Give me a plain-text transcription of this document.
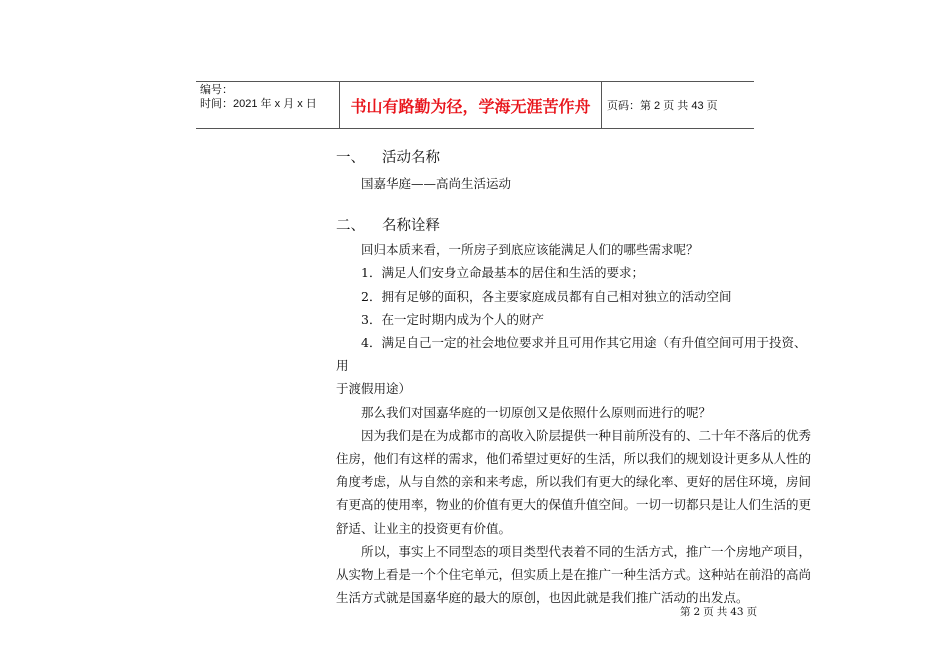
编号：
时间：2021 年 x 月 x 日	书山有路勤为径，学海无涯苦作舟 页码：第 2 页 共 43 页
一、 活动名称

国嘉华庭——高尚生活运动

二、 名称诠释

回归本质来看，一所房子到底应该能满足人们的哪些需求呢？

1．满足人们安身立命最基本的居住和生活的要求；

2．拥有足够的面积，各主要家庭成员都有自己相对独立的活动空间

3．在一定时期内成为个人的财产

4．满足自己一定的社会地位要求并且可用作其它用途（有升值空间可用于投资、用

于渡假用途）

那么我们对国嘉华庭的一切原创又是依照什么原则而进行的呢？

因为我们是在为成都市的高收入阶层提供一种目前所没有的、二十年不落后的优秀

住房，他们有这样的需求，他们希望过更好的生活，所以我们的规划设计更多从人性的

角度考虑，从与自然的亲和来考虑，所以我们有更大的绿化率、更好的居住环境，房间

有更高的使用率，物业的价值有更大的保值升值空间。一切一切都只是让人们生活的更

舒适、让业主的投资更有价值。

所以，事实上不同型态的项目类型代表着不同的生活方式，推广一个房地产项目，

从实物上看是一个个住宅单元，但实质上是在推广一种生活方式。这种站在前沿的高尚

生活方式就是国嘉华庭的最大的原创，也因此就是我们推广活动的出发点。

第 2 页 共 43 页
